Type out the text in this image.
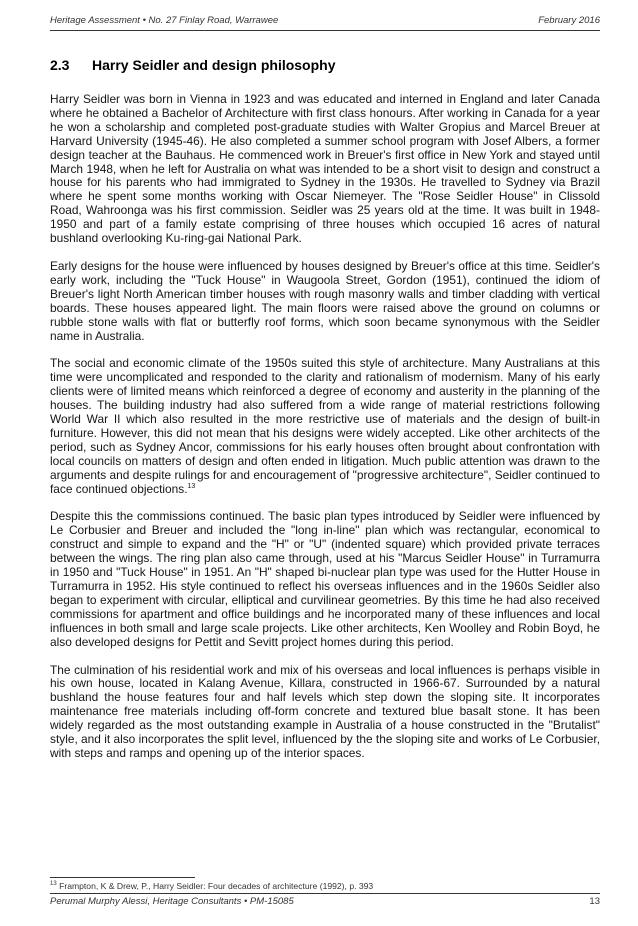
Heritage Assessment • No. 27 Finlay Road, Warrawee	February 2016
2.3 Harry Seidler and design philosophy

Harry Seidler was born in Vienna in 1923 and was educated and interned in England and later Canada where he obtained a Bachelor of Architecture with first class honours. After working in Canada for a year he won a scholarship and completed post-graduate studies with Walter Gropius and Marcel Breuer at Harvard University (1945-46). He also completed a summer school program with Josef Albers, a former design teacher at the Bauhaus. He commenced work in Breuer's first office in New York and stayed until March 1948, when he left for Australia on what was intended to be a short visit to design and construct a house for his parents who had immigrated to Sydney in the 1930s. He travelled to Sydney via Brazil where he spent some months working with Oscar Niemeyer. The "Rose Seidler House" in Clissold Road, Wahroonga was his first commission. Seidler was 25 years old at the time. It was built in 1948-1950 and part of a family estate comprising of three houses which occupied 16 acres of natural bushland overlooking Ku-ring-gai National Park.

Early designs for the house were influenced by houses designed by Breuer's office at this time. Seidler's early work, including the "Tuck House" in Waugoola Street, Gordon (1951), continued the idiom of Breuer's light North American timber houses with rough masonry walls and timber cladding with vertical boards. These houses appeared light. The main floors were raised above the ground on columns or rubble stone walls with flat or butterfly roof forms, which soon became synonymous with the Seidler name in Australia.

The social and economic climate of the 1950s suited this style of architecture. Many Australians at this time were uncomplicated and responded to the clarity and rationalism of modernism. Many of his early clients were of limited means which reinforced a degree of economy and austerity in the planning of the houses. The building industry had also suffered from a wide range of material restrictions following World War II which also resulted in the more restrictive use of materials and the design of built-in furniture. However, this did not mean that his designs were widely accepted. Like other architects of the period, such as Sydney Ancor, commissions for his early houses often brought about confrontation with local councils on matters of design and often ended in litigation. Much public attention was drawn to the arguments and despite rulings for and encouragement of "progressive architecture", Seidler continued to face continued objections.$^{13}$

Despite this the commissions continued. The basic plan types introduced by Seidler were influenced by Le Corbusier and Breuer and included the "long in-line" plan which was rectangular, economical to construct and simple to expand and the "H" or "U" (indented square) which provided private terraces between the wings. The ring plan also came through, used at his "Marcus Seidler House" in Turramurra in 1950 and "Tuck House" in 1951. An "H" shaped bi-nuclear plan type was used for the Hutter House in Turramurra in 1952. His style continued to reflect his overseas influences and in the 1960s Seidler also began to experiment with circular, elliptical and curvilinear geometries. By this time he had also received commissions for apartment and office buildings and he incorporated many of these influences and local influences in both small and large scale projects. Like other architects, Ken Woolley and Robin Boyd, he also developed designs for Pettit and Sevitt project homes during this period.

The culmination of his residential work and mix of his overseas and local influences is perhaps visible in his own house, located in Kalang Avenue, Killara, constructed in 1966-67. Surrounded by a natural bushland the house features four and half levels which step down the sloping site. It incorporates maintenance free materials including off-form concrete and textured blue basalt stone. It has been widely regarded as the most outstanding example in Australia of a house constructed in the "Brutalist" style, and it also incorporates the split level, influenced by the the sloping site and works of Le Corbusier, with steps and ramps and opening up of the interior spaces.

$^{13}$ Frampton, K & Drew, P., Harry Seidler: Four decades of architecture (1992), p. 393
Perumal Murphy Alessi, Heritage Consultants • PM-15085	13
